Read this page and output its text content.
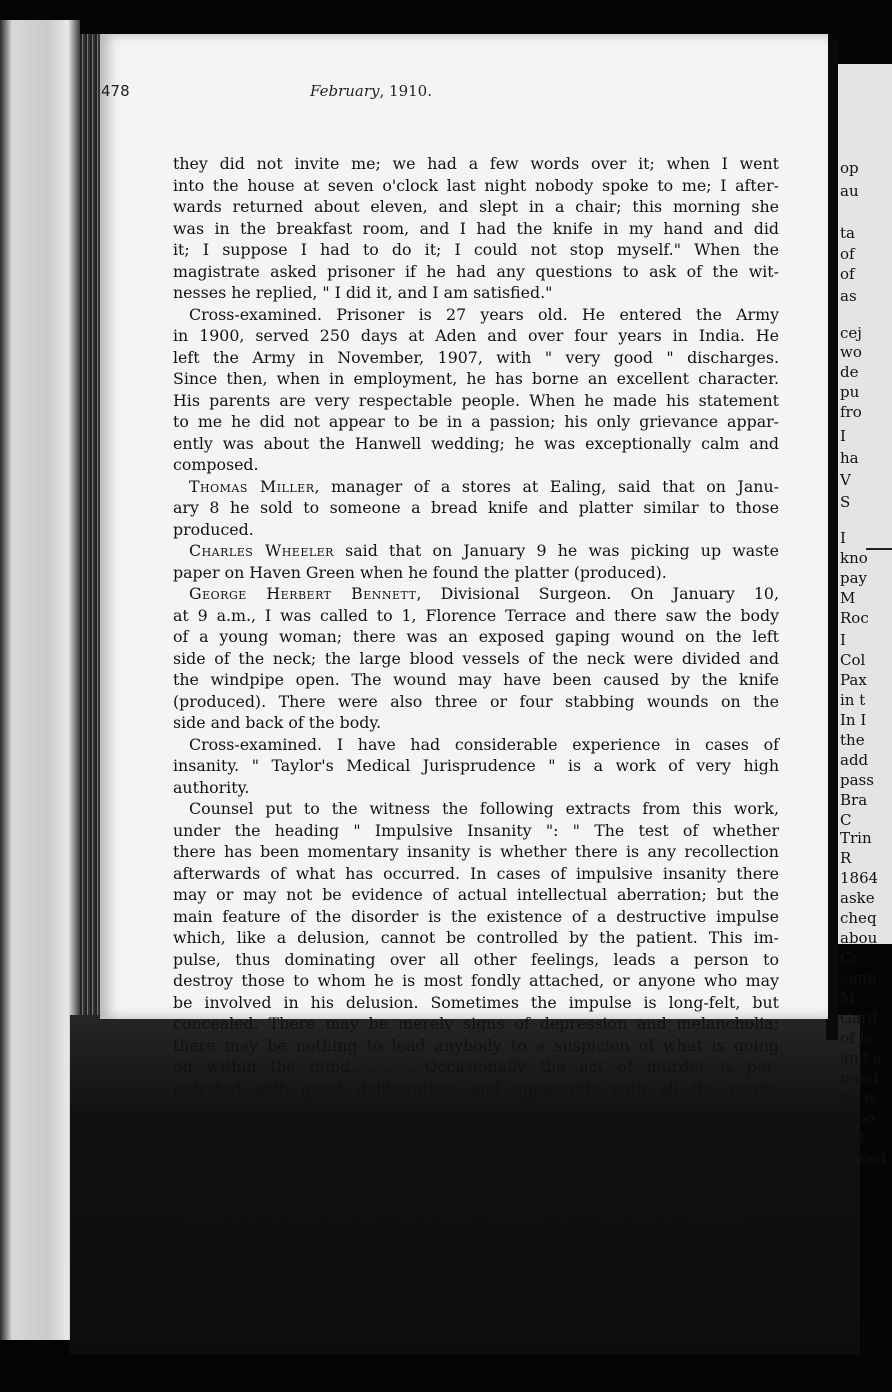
op
au
ta
of
of
as
cej
wo
de
pu
fro
I
ha
V
S
I
kno
pay
M
Roc
I
Col
Pax
in t
In I
the
add
pass
Bra
C
Trin
R
1864
aske
cheq
abou
Cr
cann
M
Gard
of la
and a
mind
he w
I too
put
duced
478	February, 1910.
they did not invite me; we had a few words over it; when I went
into the house at seven o'clock last night nobody spoke to me; I after-
wards returned about eleven, and slept in a chair; this morning she
was in the breakfast room, and I had the knife in my hand and did
it; I suppose I had to do it; I could not stop myself." When the
magistrate asked prisoner if he had any questions to ask of the wit-
nesses he replied, " I did it, and I am satisfied."
Cross-examined. Prisoner is 27 years old. He entered the Army
in 1900, served 250 days at Aden and over four years in India. He
left the Army in November, 1907, with " very good " discharges.
Since then, when in employment, he has borne an excellent character.
His parents are very respectable people. When he made his statement
to me he did not appear to be in a passion; his only grievance appar-
ently was about the Hanwell wedding; he was exceptionally calm and
composed.
Thomas Miller, manager of a stores at Ealing, said that on Janu-
ary 8 he sold to someone a bread knife and platter similar to those
produced.
Charles Wheeler said that on January 9 he was picking up waste
paper on Haven Green when he found the platter (produced).
George Herbert Bennett, Divisional Surgeon. On January 10,
at 9 a.m., I was called to 1, Florence Terrace and there saw the body
of a young woman; there was an exposed gaping wound on the left
side of the neck; the large blood vessels of the neck were divided and
the windpipe open. The wound may have been caused by the knife
(produced). There were also three or four stabbing wounds on the
side and back of the body.
Cross-examined. I have had considerable experience in cases of
insanity. " Taylor's Medical Jurisprudence " is a work of very high
authority.
Counsel put to the witness the following extracts from this work,
under the heading " Impulsive Insanity ": " The test of whether
there has been momentary insanity is whether there is any recollection
afterwards of what has occurred. In cases of impulsive insanity there
may or may not be evidence of actual intellectual aberration; but the
main feature of the disorder is the existence of a destructive impulse
which, like a delusion, cannot be controlled by the patient. This im-
pulse, thus dominating over all other feelings, leads a person to
destroy those to whom he is most fondly attached, or anyone who may
be involved in his delusion. Sometimes the impulse is long-felt, but
concealed. There may be merely signs of depression and melancholia;
there may be nothing to lead anybody to a suspicion of what is going
on within the mind. . . . Occasionally the act of murder is per-
petrated with great deliberation, and apparently with all the marks
of sanity. . . . Of the existence of insanity in the common
or legal acceptance of the term, before and after the perpetration
of the crime, there may be either no evidence whatever, or it may be
so slight as not to amount to proof. . . . A sudden restoration to
reason is not infrequent in such cases of homicidal mania. An act of
violence is committed, and the patient appears as if relieved from some
